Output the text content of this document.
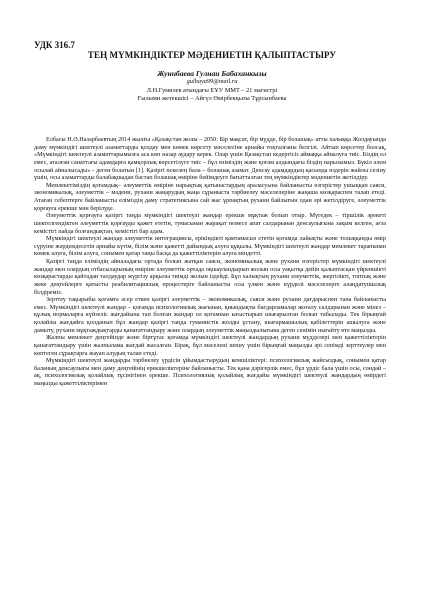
УДК 316.7
ТЕҢ МҮМКІНДІКТЕР МӘДЕНИЕТІН ҚАЛЫПТАСТЫРУ
Жунибаева Гулнаи Бабаханкызы
gulhaya99@mail.ru
Л.Н.Гумилев атындағы ЕҰУ ММТ – 21 магистрі
Ғылыми жетекшісі – Айгүл Өмірбекқызы Тұрсынбаева

Елбасы Н.Ә.Назарбаевтың 2014 жылғы «Қазақстан жолы – 2050: Бір мақсат, бір мүдде, бір болашақ» атты халыққа Жолдауында даму мүмкіндігі шектеулі азаматтарды қолдау мен көмек көрсету мәселесіне арнайы тоқталғаны белгілі. Айтып көрсетер болсақ, «Мүмкіндігі шектеулі азаматтарымызға аса көп назар аудару керек. Олар үшін Қазақстан кедергісіз аймаққа айналуға тиіс. Біздің ел емес, аталған санаттағы адамдарға қамқорлық көрсетілуге тиіс – бұл өзіміздің және қоғам алдындағы біздің парызымыз. Бүкіл әлем осылай айналысады» - деген болатын [1]. Қазіргі өскелең бала – болашақ азамат. Денсау адамдардың қасында өздерін жайлы сезіну үшін, осы азаматтарды балабақшадан бастап болашақ өміріне бейімдеуге бағытталған тең мүмкіндіктер мәдениетін жетілдіру.

Мемлекетіміздің қоғамдық– әлеуметтік өміріне нарықтық қатынастардың араласуына байланысты өзгерістер ушыққан саяси, экономикалық, әлеуметтік – мәдени, рухани жаңарудың жаңа сұраныста тәрбиелеу мәселелеріне жаңаша көзқараспен талап етеді. Атаған себептерге байланысты еліміздің даму стратегиясына сай жас ұрпақтың рухани байлығын одан әрі жетілдіруге, әлеуметтік қорғауға ерекше мән берілуде.

Әлеуметтік қорғауға қазіргі таңда мүмкіндігі шектеулі жандар ерекше мұқтаж болып отыр. Мүгедек – тіршілік әрекеті шектелгендіктен әлеуметтік қорғауды қажет ететін, тумасынан жарақат немесе апат салдарынан денсаулығына зақым келген, ағза кемістігі пайда болғандықтан, кемістігі бар адам.

Мүмкіндігі шектеулі жандар әлеуметтік интеграциясы, ерікіндікті қамтамасыз ететін қоғамда лайықты және толыққанды өмір сүруіне жәрдемдесетін арнайы күтім, білім және қажетті дайындық алуға құқылы. Мүмкіндігі шектеулі жандар мемлекет тарапынан көмек алуға, білім алуға, сонымен қатар таңы басқа да қажеттіліктерін алуға міндетті.

Қазіргі таңда еліміздің айналадағы ортада болып жатқан саяси, экономикалық және рухани өзгерістер мүмкіндігі шектеулі жандар мен олардың отбасыларының өміріне әлеуметтік ортада оқшауландырып жолын осы уақытқа дейін қалыптасқан үйреншікті көзқарастарды қайтадан талдаудар жүргізу арқылы тиімді жолын іздейді. Бұл халықтың рухани әлеуметтік, жергілікті, топтық және жеке деңгейлерге қатысты реабилитациялық процестерге байланысты осы үлкен және күрделі мәселелерге алаңдатушылық білдіреміз.

Зерттеу тақырыбы қоғамға әсер еткен қазіргі әлеуметтік – экономикалық, саяси және рухани дағдарыспен тана байланысты емес. Мүмкіндігі шектеулі жандар – қоғамда психологиялық жағынан, қиындықты бағдарламалар жоғалу салдарынан және мінез – құлық нормаларға күйзеліс жағдайына тап болған жандар ол қоғамнан ығыстырып шығарылған болып табылады. Тек бірыңғай қолайлы жағдайға қолданып бұл жандар қазіргі таңда гуманистік жолды ұстану, шығармашылық қабілеттерін ашылуға және дамыту, рухани мұқтаждықтарды қанағаттандыру және олардың әлеуметтік маңыздылығына деген сенімін нығайту өте маңызды.

Жалпы мемлекет деңгейінде және біртұтас қоғамда мүмкіндігі шектеулі жандардың рухани мүдделері мен қажеттіліктерін қанағаттандыру үшін жалпылама жағдай жасалған. Бірақ, бұл мәселені шешу үшін бірыңғай маңызды әрі сенімді зерттеулер мен көптеген сұрақтарға жауап алудың талап етеді.

Мүмкіндігі шектеулі жандарды тәрбиелеу үрдісін ұйымдастырудың кемшіліктері: психологиялық жайсыздық, сонымен қатар баланың денсаулығы мен даму деңгейінің ерекшеліктеріне байланысты. Тек қана дәрігерлік емес, бұл үрдіс бала үшін осы, сондай – ақ, психологиялық қолайлық тұсінігінен ерекше. Психологиялық қолайлық жағдайы мүмкіндігі шектеулі жандардың өмірдегі маңызды қажеттіліктерімен
